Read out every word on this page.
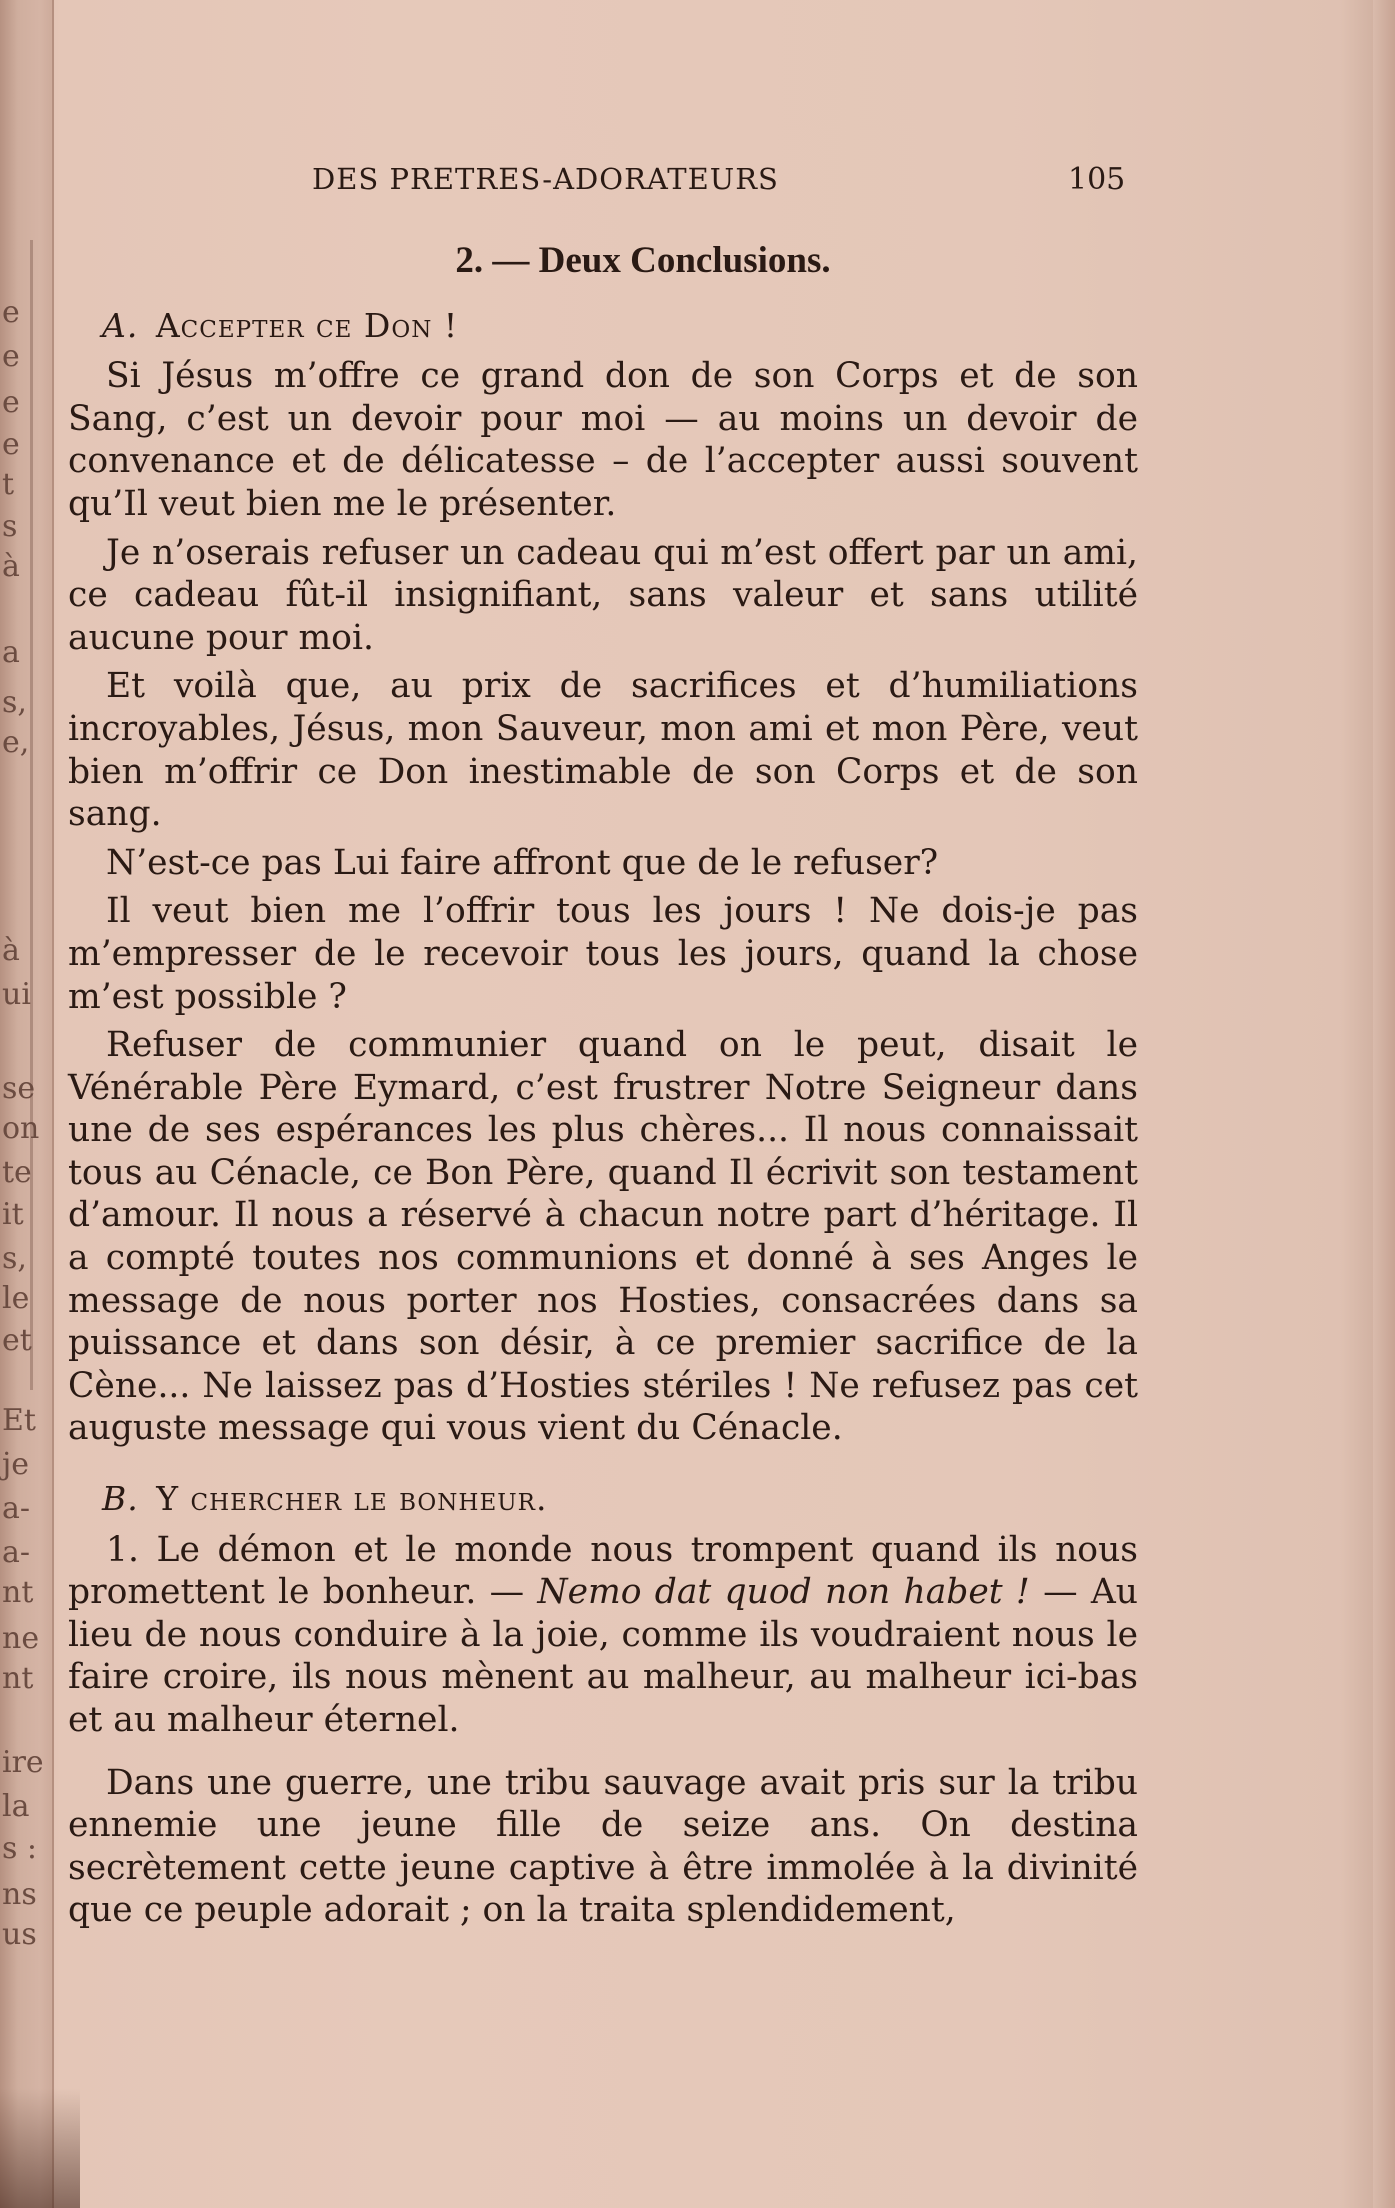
e
e
e
e
t
s
à
a
s,
e,
à
ui
se
on
te
it
s,
le
et
Et
je
a-
a-
nt
ne
nt
ire
la
s :
ns
us
DES PRETRES-ADORATEURS	105
2. — Deux Conclusions.
A. Accepter ce Don !

Si Jésus m’offre ce grand don de son Corps et de son Sang, c’est un devoir pour moi — au moins un devoir de convenance et de délicatesse – de l’accepter aussi souvent qu’Il veut bien me le présenter.

Je n’oserais refuser un cadeau qui m’est offert par un ami, ce cadeau fût-il insignifiant, sans valeur et sans utilité aucune pour moi.

Et voilà que, au prix de sacrifices et d’humiliations incroyables, Jésus, mon Sauveur, mon ami et mon Père, veut bien m’offrir ce Don inestimable de son Corps et de son sang.

N’est-ce pas Lui faire affront que de le refuser?

Il veut bien me l’offrir tous les jours ! Ne dois-je pas m’empresser de le recevoir tous les jours, quand la chose m’est possible ?

Refuser de communier quand on le peut, disait le Vénérable Père Eymard, c’est frustrer Notre Seigneur dans une de ses espérances les plus chères... Il nous connaissait tous au Cénacle, ce Bon Père, quand Il écrivit son testament d’amour. Il nous a réservé à chacun notre part d’héritage. Il a compté toutes nos communions et donné à ses Anges le message de nous porter nos Hosties, consacrées dans sa puissance et dans son désir, à ce premier sacrifice de la Cène... Ne laissez pas d’Hosties stériles ! Ne refusez pas cet auguste message qui vous vient du Cénacle.

B. Y chercher le bonheur.

1. Le démon et le monde nous trompent quand ils nous promettent le bonheur. — Nemo dat quod non habet ! — Au lieu de nous conduire à la joie, comme ils voudraient nous le faire croire, ils nous mènent au malheur, au malheur ici-bas et au malheur éternel.

Dans une guerre, une tribu sauvage avait pris sur la tribu ennemie une jeune fille de seize ans. On destina secrètement cette jeune captive à être immolée à la divinité que ce peuple adorait ; on la traita splendidement,
